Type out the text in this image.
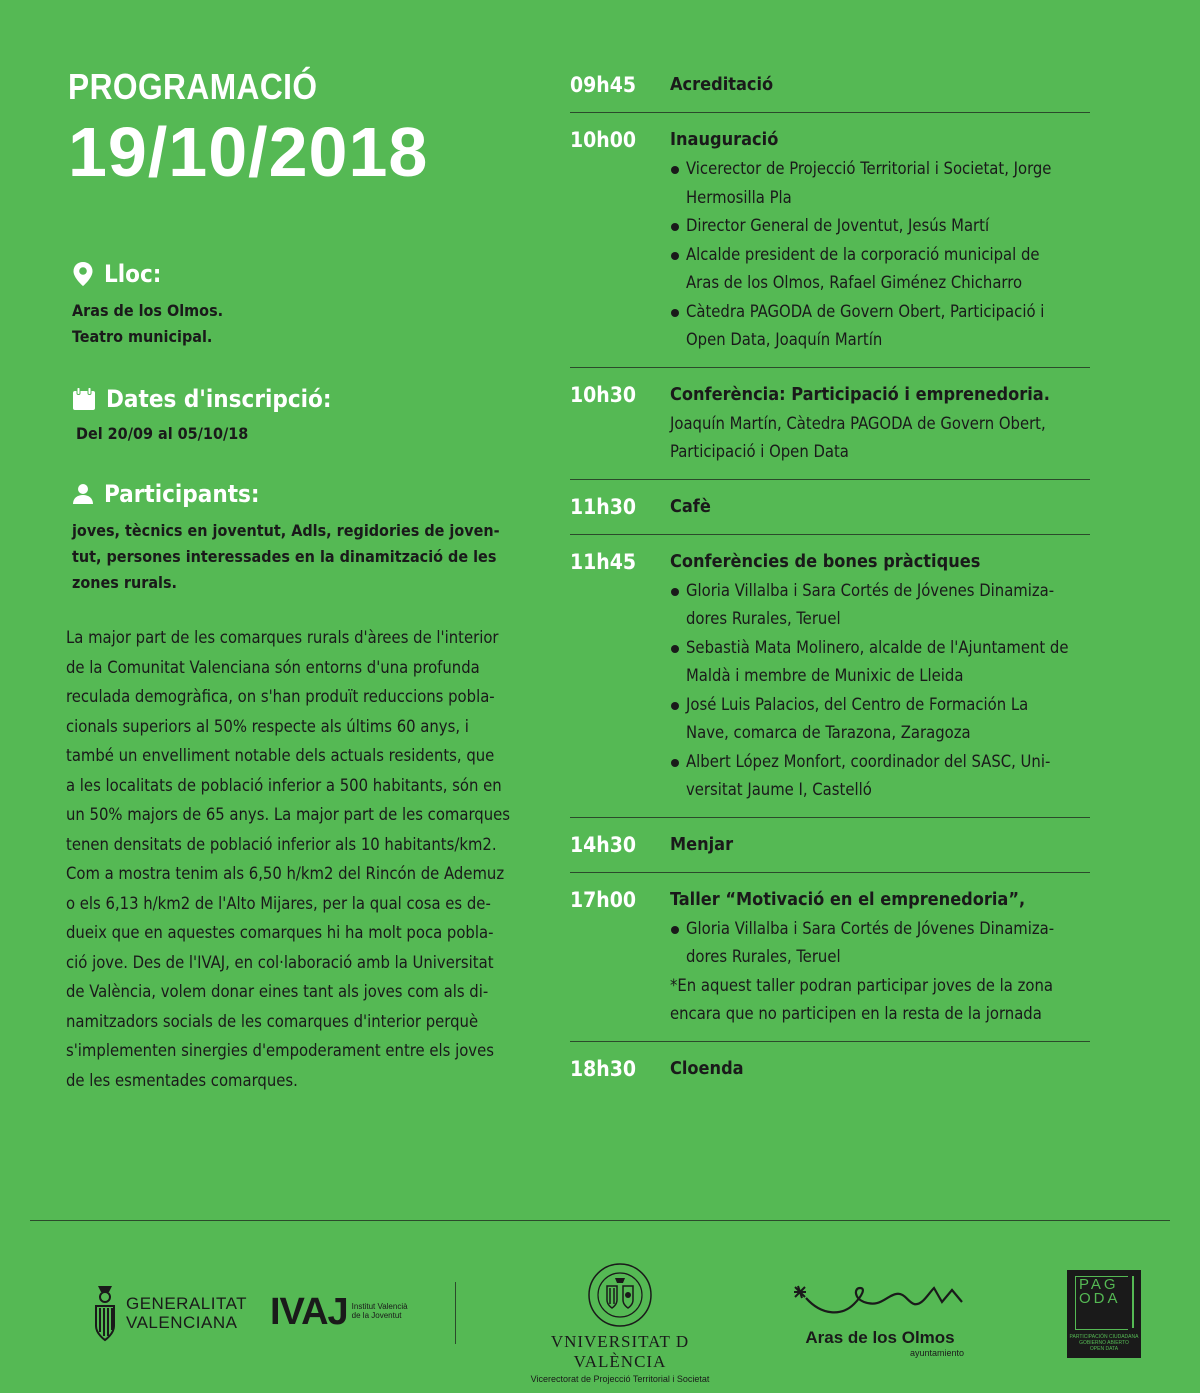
PROGRAMACIÓ
19/10/2018
Lloc:
Aras de los Olmos.
Teatro municipal.
Dates d'inscripció:
Del 20/09 al 05/10/18
Participants:
joves, tècnics en joventut, Adls, regidories de joven-
tut, persones interessades en la dinamització de les
zones rurals.
La major part de les comarques rurals d'àrees de l'interior
de la Comunitat Valenciana són entorns d'una profunda
reculada demogràfica, on s'han produït reduccions pobla-
cionals superiors al 50% respecte als últims 60 anys, i
també un envelliment notable dels actuals residents, que
a les localitats de població inferior a 500 habitants, són en
un 50% majors de 65 anys. La major part de les comarques
tenen densitats de població inferior als 10 habitants/km2.
Com a mostra tenim als 6,50 h/km2 del Rincón de Ademuz
o els 6,13 h/km2 de l'Alto Mijares, per la qual cosa es de-
dueix que en aquestes comarques hi ha molt poca pobla-
ció jove. Des de l'IVAJ, en col·laboració amb la Universitat
de València, volem donar eines tant als joves com als di-
namitzadors socials de les comarques d'interior perquè
s'implementen sinergies d'empoderament entre els joves
de les esmentades comarques.
09h45	Acreditació
10h00	Inauguració
Vicerector de Projecció Territorial i Societat, Jorge
Hermosilla Pla
Director General de Joventut, Jesús Martí
Alcalde president de la corporació municipal de
Aras de los Olmos, Rafael Giménez Chicharro
Càtedra PAGODA de Govern Obert, Participació i
Open Data, Joaquín Martín
10h30	Conferència: Participació i emprenedoria.
Joaquín Martín, Càtedra PAGODA de Govern Obert,
Participació i Open Data
11h30	Cafè
11h45	Conferències de bones pràctiques
Gloria Villalba i Sara Cortés de Jóvenes Dinamiza-
dores Rurales, Teruel
Sebastià Mata Molinero, alcalde de l'Ajuntament de
Maldà i membre de Munixic de Lleida
José Luis Palacios, del Centro de Formación La
Nave, comarca de Tarazona, Zaragoza
Albert López Monfort, coordinador del SASC, Uni-
versitat Jaume I, Castelló
14h30	Menjar
17h00	Taller “Motivació en el emprenedoria”,
Gloria Villalba i Sara Cortés de Jóvenes Dinamiza-
dores Rurales, Teruel
*En aquest taller podran participar joves de la zona
encara que no participen en la resta de la jornada
18h30	Cloenda
GENERALITAT
VALENCIANA IVAJ Institut Valencià
de la Joventut
VNIVERSITAT D VALÈNCIA
Vicerectorat de Projecció Territorial i Societat
Aras de los Olmos
ayuntamiento
PAGODA
PARTICIPACIÓN CIUDADANA
GOBIERNO ABIERTO
OPEN DATA
